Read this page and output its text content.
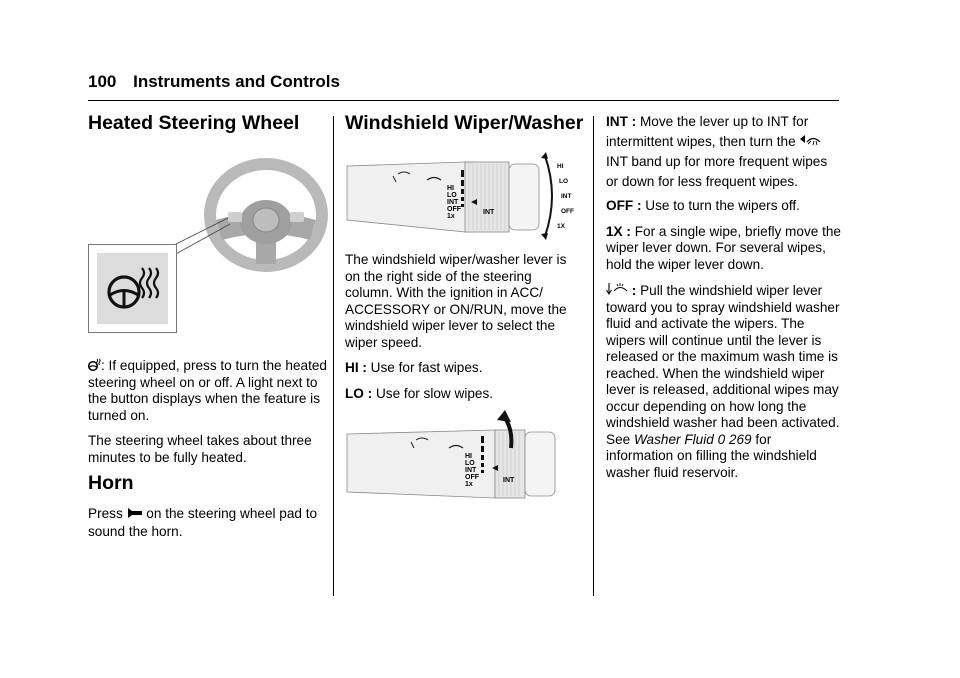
100 Instruments and Controls
Heated Steering Wheel

: If equipped, press to turn the heated steering wheel on or off. A light next to the button displays when the feature is turned on.

The steering wheel takes about three minutes to be fully heated.

Horn
Press
on the steering wheel pad to sound the horn.
Windshield Wiper/Washer
HI
LO
INT
OFF
1x
INT
HI
LO
INT
OFF
1X

The windshield wiper/washer lever is on the right side of the steering column. With the ignition in ACC/ ACCESSORY or ON/RUN, move the windshield wiper lever to select the wiper speed.

HI : Use for fast wipes.

LO : Use for slow wipes.

HI
LO
INT
OFF
1x
INT

INT : Move the lever up to INT for intermittent wipes, then turn the
INT band up for more frequent wipes or down for less frequent wipes.

OFF : Use to turn the wipers off.

1X : For a single wipe, briefly move the wiper lever down. For several wipes, hold the wiper lever down.

: Pull the windshield wiper lever toward you to spray windshield washer fluid and activate the wipers. The wipers will continue until the lever is released or the maximum wash time is reached. When the windshield wiper lever is released, additional wipes may occur depending on how long the windshield washer had been activated. See Washer Fluid 0 269 for information on filling the windshield washer fluid reservoir.
